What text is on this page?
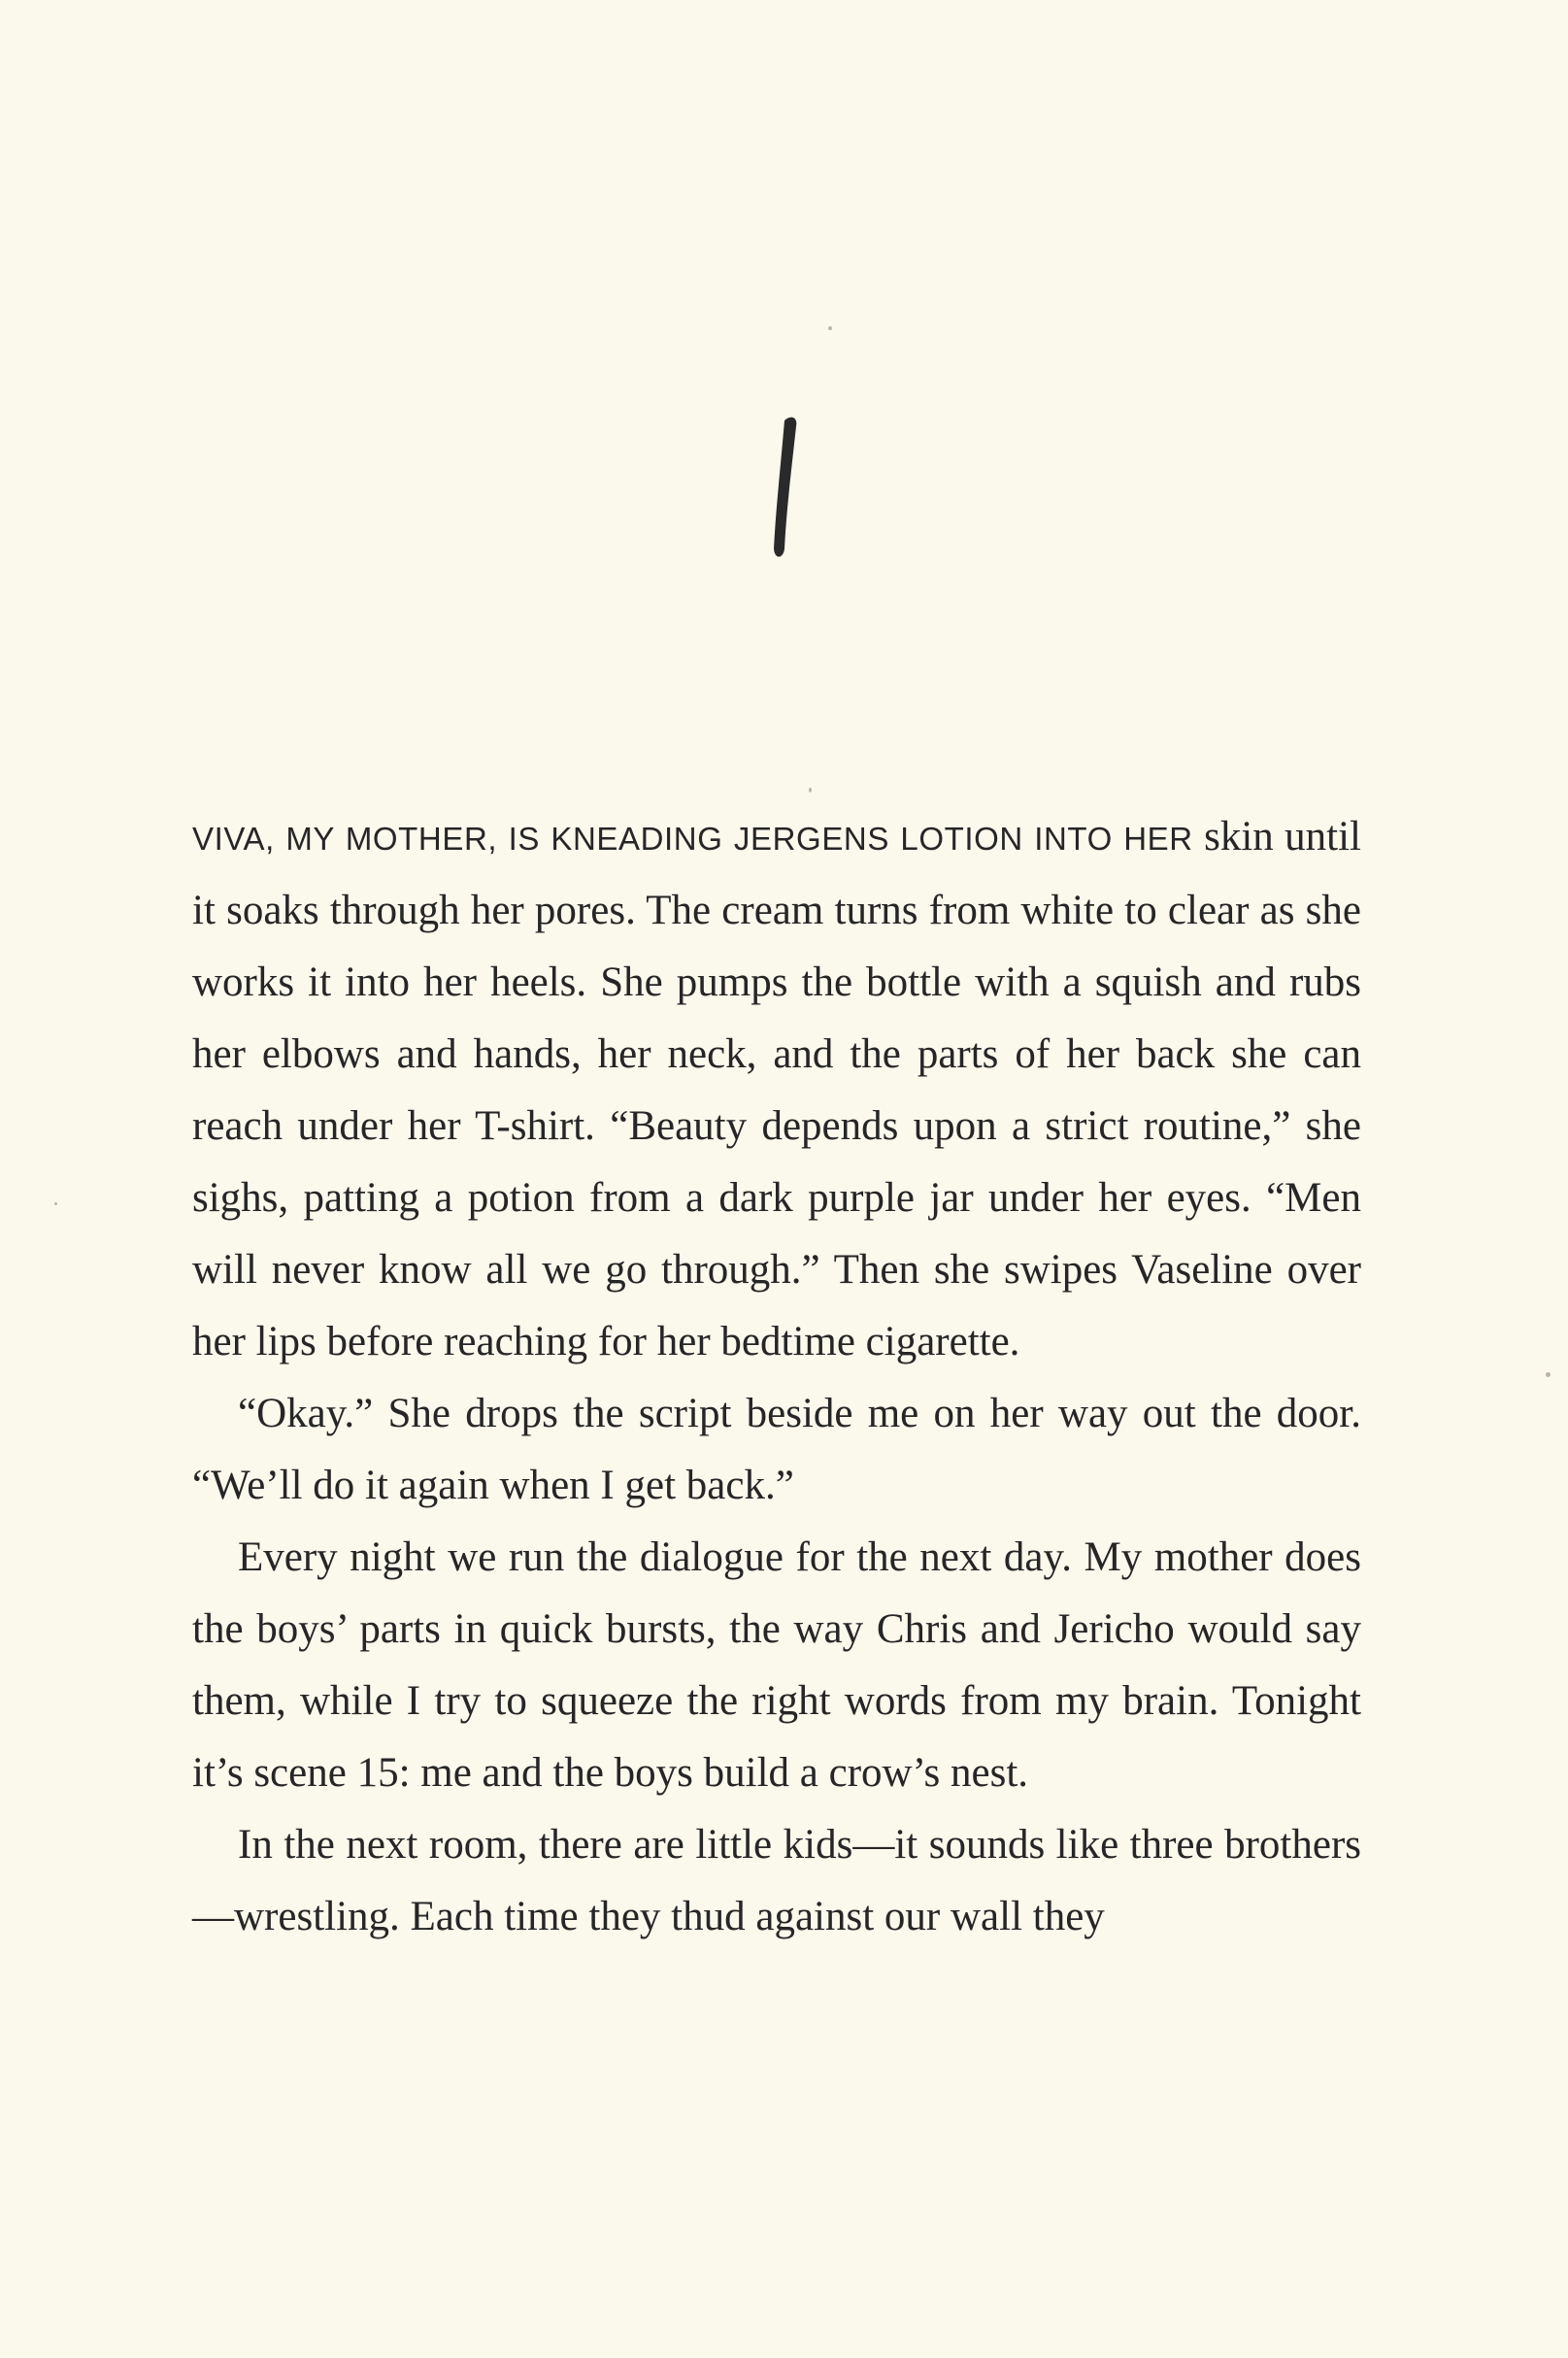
VIVA, MY MOTHER, IS KNEADING JERGENS LOTION INTO HER skin until it soaks through her pores. The cream turns from white to clear as she works it into her heels. She pumps the bottle with a squish and rubs her elbows and hands, her neck, and the parts of her back she can reach under her T-shirt. “Beauty depends upon a strict routine,” she sighs, patting a potion from a dark purple jar under her eyes. “Men will never know all we go through.” Then she swipes Vaseline over her lips before reaching for her bedtime cigarette.

“Okay.” She drops the script beside me on her way out the door. “We’ll do it again when I get back.”

Every night we run the dialogue for the next day. My mother does the boys’ parts in quick bursts, the way Chris and Jericho would say them, while I try to squeeze the right words from my brain. Tonight it’s scene 15: me and the boys build a crow’s nest.

In the next room, there are little kids—it sounds like three brothers—wrestling. Each time they thud against our wall they
